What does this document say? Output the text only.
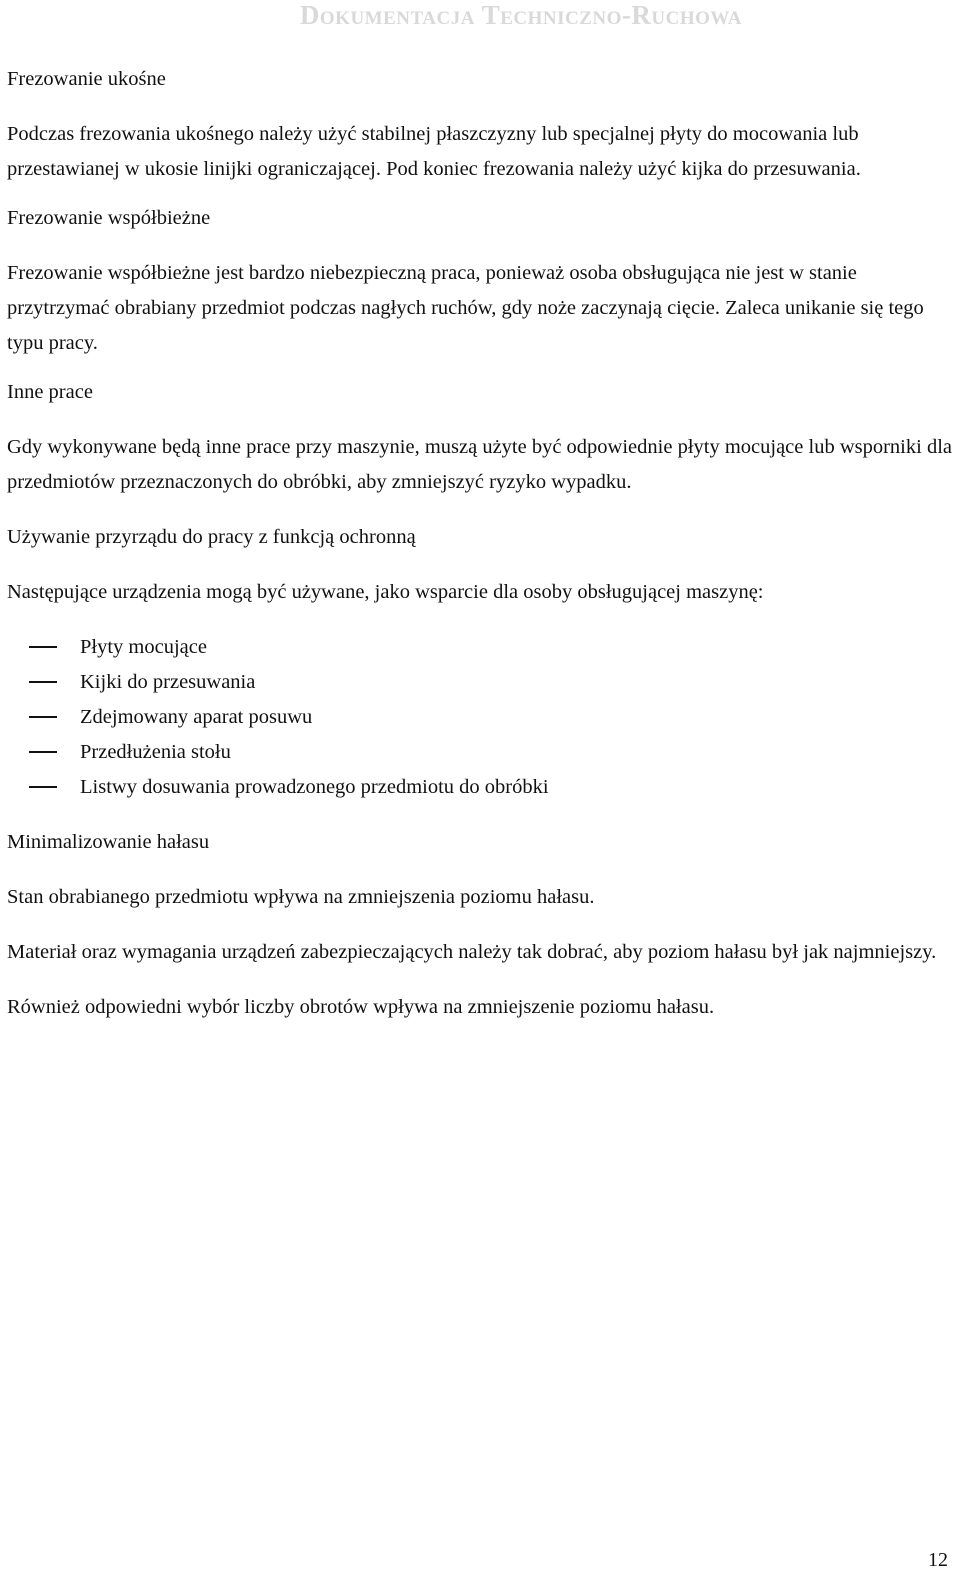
Dokumentacja Techniczno-Ruchowa
Frezowanie ukośne
Podczas frezowania ukośnego należy użyć stabilnej płaszczyzny lub specjalnej płyty do mocowania lub przestawianej w ukosie linijki ograniczającej. Pod koniec frezowania należy użyć kijka do przesuwania.
Frezowanie współbieżne
Frezowanie współbieżne jest bardzo niebezpieczną praca, ponieważ osoba obsługująca nie jest w stanie przytrzymać obrabiany przedmiot podczas nagłych ruchów, gdy noże zaczynają cięcie. Zaleca unikanie się tego typu pracy.
Inne prace
Gdy wykonywane będą inne prace przy maszynie, muszą użyte być odpowiednie płyty mocujące lub wsporniki dla przedmiotów przeznaczonych do obróbki, aby zmniejszyć ryzyko wypadku.
Używanie przyrządu do pracy z funkcją ochronną
Następujące urządzenia mogą być używane, jako wsparcie dla osoby obsługującej maszynę:
Płyty mocujące
Kijki do przesuwania
Zdejmowany aparat posuwu
Przedłużenia stołu
Listwy dosuwania prowadzonego przedmiotu do obróbki
Minimalizowanie hałasu
Stan obrabianego przedmiotu wpływa na zmniejszenia poziomu hałasu.
Materiał oraz wymagania urządzeń zabezpieczających należy tak dobrać, aby poziom hałasu był jak najmniejszy.
Również odpowiedni wybór liczby obrotów wpływa na zmniejszenie poziomu hałasu.
12
